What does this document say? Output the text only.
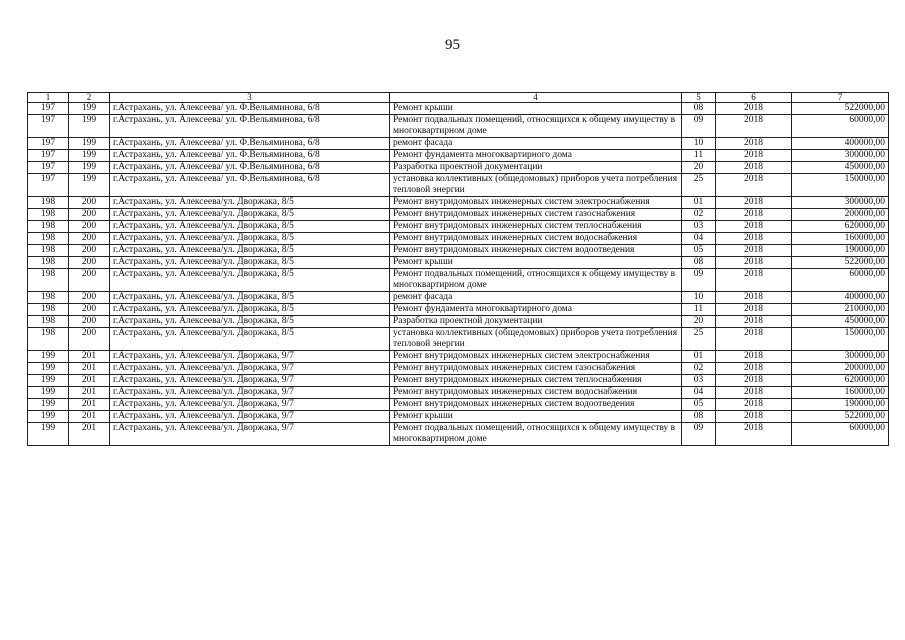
95
1	2	3	4	5	6	7
197	199	г.Астрахань, ул. Алексеева/ ул. Ф.Вельяминова, 6/8	Ремонт крыши	08	2018	522000,00
197	199	г.Астрахань, ул. Алексеева/ ул. Ф.Вельяминова, 6/8	Ремонт подвальных помещений, относящихся к общему имуществу в многоквартирном доме	09	2018	60000,00
197	199	г.Астрахань, ул. Алексеева/ ул. Ф.Вельяминова, 6/8	ремонт фасада	10	2018	400000,00
197	199	г.Астрахань, ул. Алексеева/ ул. Ф.Вельяминова, 6/8	Ремонт фундамента многоквартирного дома	11	2018	300000,00
197	199	г.Астрахань, ул. Алексеева/ ул. Ф.Вельяминова, 6/8	Разработка проектной документации	20	2018	450000,00
197	199	г.Астрахань, ул. Алексеева/ ул. Ф.Вельяминова, 6/8	установка коллективных (общедомовых) приборов учета потребления тепловой энергии	25	2018	150000,00
198	200	г.Астрахань, ул. Алексеева/ул. Дворжака, 8/5	Ремонт внутридомовых инженерных систем электроснабжения	01	2018	300000,00
198	200	г.Астрахань, ул. Алексеева/ул. Дворжака, 8/5	Ремонт внутридомовых инженерных систем газоснабжения	02	2018	200000,00
198	200	г.Астрахань, ул. Алексеева/ул. Дворжака, 8/5	Ремонт внутридомовых инженерных систем теплоснабжения	03	2018	620000,00
198	200	г.Астрахань, ул. Алексеева/ул. Дворжака, 8/5	Ремонт внутридомовых инженерных систем водоснабжения	04	2018	160000,00
198	200	г.Астрахань, ул. Алексеева/ул. Дворжака, 8/5	Ремонт внутридомовых инженерных систем водоотведения	05	2018	190000,00
198	200	г.Астрахань, ул. Алексеева/ул. Дворжака, 8/5	Ремонт крыши	08	2018	522000,00
198	200	г.Астрахань, ул. Алексеева/ул. Дворжака, 8/5	Ремонт подвальных помещений, относящихся к общему имуществу в многоквартирном доме	09	2018	60000,00
198	200	г.Астрахань, ул. Алексеева/ул. Дворжака, 8/5	ремонт фасада	10	2018	400000,00
198	200	г.Астрахань, ул. Алексеева/ул. Дворжака, 8/5	Ремонт фундамента многоквартирного дома	11	2018	210000,00
198	200	г.Астрахань, ул. Алексеева/ул. Дворжака, 8/5	Разработка проектной документации	20	2018	450000,00
198	200	г.Астрахань, ул. Алексеева/ул. Дворжака, 8/5	установка коллективных (общедомовых) приборов учета потребления тепловой энергии	25	2018	150000,00
199	201	г.Астрахань, ул. Алексеева/ул. Дворжака, 9/7	Ремонт внутридомовых инженерных систем электроснабжения	01	2018	300000,00
199	201	г.Астрахань, ул. Алексеева/ул. Дворжака, 9/7	Ремонт внутридомовых инженерных систем газоснабжения	02	2018	200000,00
199	201	г.Астрахань, ул. Алексеева/ул. Дворжака, 9/7	Ремонт внутридомовых инженерных систем теплоснабжения	03	2018	620000,00
199	201	г.Астрахань, ул. Алексеева/ул. Дворжака, 9/7	Ремонт внутридомовых инженерных систем водоснабжения	04	2018	160000,00
199	201	г.Астрахань, ул. Алексеева/ул. Дворжака, 9/7	Ремонт внутридомовых инженерных систем водоотведения	05	2018	190000,00
199	201	г.Астрахань, ул. Алексеева/ул. Дворжака, 9/7	Ремонт крыши	08	2018	522000,00
199	201	г.Астрахань, ул. Алексеева/ул. Дворжака, 9/7	Ремонт подвальных помещений, относящихся к общему имуществу в многоквартирном доме	09	2018	60000,00
